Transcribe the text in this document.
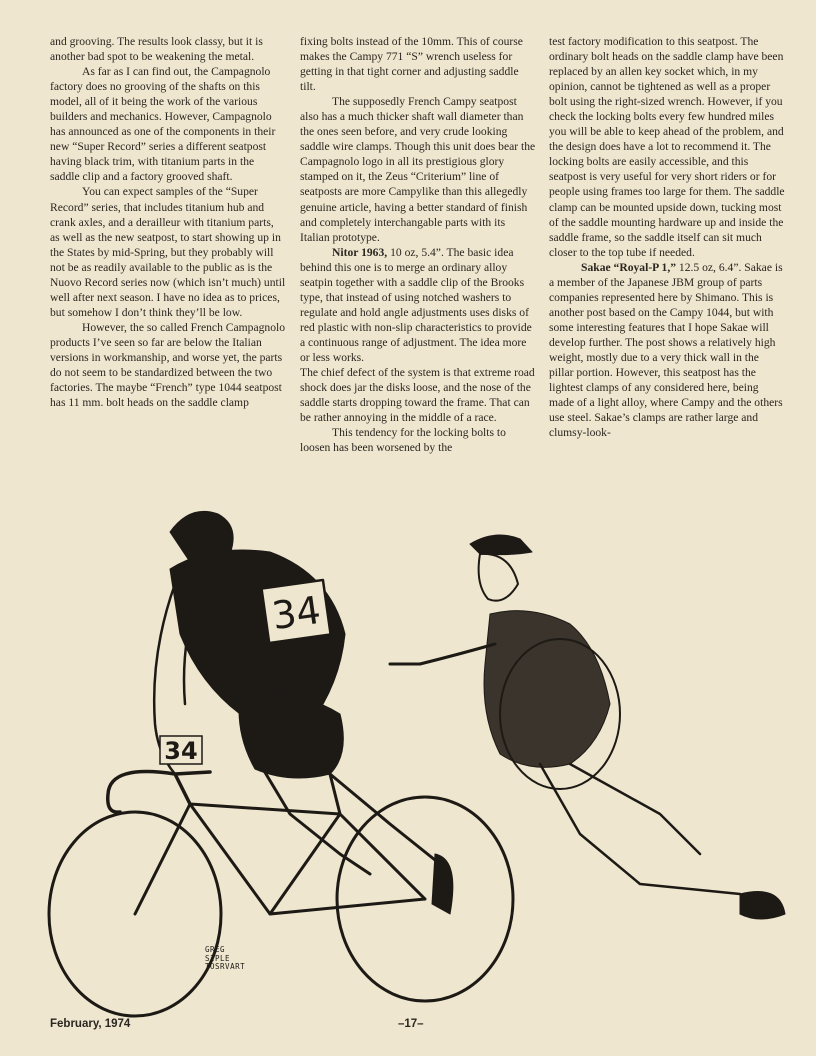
and grooving. The results look classy, but it is another bad spot to be weakening the metal.

As far as I can find out, the Campagnolo factory does no grooving of the shafts on this model, all of it being the work of the various builders and mechanics. However, Campagnolo has announced as one of the components in their new “Super Record” series a different seatpost having black trim, with titanium parts in the saddle clip and a factory grooved shaft.

You can expect samples of the “Super Record” series, that includes titanium hub and crank axles, and a derailleur with titanium parts, as well as the new seatpost, to start showing up in the States by mid-Spring, but they probably will not be as readily available to the public as is the Nuovo Record series now (which isn’t much) until well after next season. I have no idea as to prices, but somehow I don’t think they’ll be low.

However, the so called French Campagnolo products I’ve seen so far are below the Italian versions in workmanship, and worse yet, the parts do not seem to be standardized between the two factories. The maybe “French” type 1044 seatpost has 11 mm. bolt heads on the saddle clamp

fixing bolts instead of the 10mm. This of course makes the Campy 771 “S” wrench useless for getting in that tight corner and adjusting saddle tilt.

The supposedly French Campy seatpost also has a much thicker shaft wall diameter than the ones seen before, and very crude looking saddle wire clamps. Though this unit does bear the Campagnolo logo in all its prestigious glory stamped on it, the Zeus “Criterium” line of seatposts are more Campylike than this allegedly genuine article, having a better standard of finish and completely interchangable parts with its Italian prototype.

Nitor 1963, 10 oz, 5.4”. The basic idea behind this one is to merge an ordinary alloy seatpin together with a saddle clip of the Brooks type, that instead of using notched washers to regulate and hold angle adjustments uses disks of red plastic with non-slip characteristics to provide a continuous range of adjustment. The idea more or less works.

The chief defect of the system is that extreme road shock does jar the disks loose, and the nose of the saddle starts dropping toward the frame. That can be rather annoying in the middle of a race.

This tendency for the locking bolts to loosen has been worsened by the

test factory modification to this seatpost. The ordinary bolt heads on the saddle clamp have been replaced by an allen key socket which, in my opinion, cannot be tightened as well as a proper bolt using the right-sized wrench. However, if you check the locking bolts every few hundred miles you will be able to keep ahead of the problem, and the design does have a lot to recommend it. The locking bolts are easily accessible, and this seatpost is very useful for very short riders or for people using frames too large for them. The saddle clamp can be mounted upside down, tucking most of the saddle mounting hardware up and inside the saddle frame, so the saddle itself can sit much closer to the top tube if needed.

Sakae “Royal-P 1,” 12.5 oz, 6.4”. Sakae is a member of the Japanese JBM group of parts companies represented here by Shimano. This is another post based on the Campy 1044, but with some interesting features that I hope Sakae will develop further. The post shows a relatively high weight, mostly due to a very thick wall in the pillar portion. However, this seatpost has the lightest clamps of any considered here, being made of a light alloy, where Campy and the others use steel. Sakae’s clamps are rather large and clumsy-look-

34
34
GREG
SIPLE
TOSRVART
February, 1974	–17–
